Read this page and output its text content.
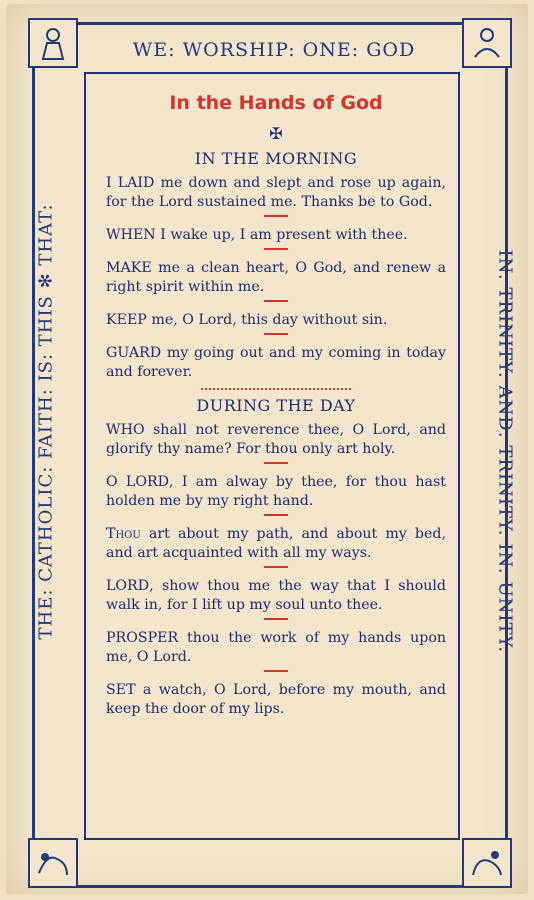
WE: WORSHIP: ONE: GOD
THE: CATHOLIC: FAITH: IS: THIS ✻ THAT:	IN: TRINITY: AND: TRINITY: IN: UNITY:
In the Hands of God
✠
IN THE MORNING

I LAID me down and slept and rose up again, for the Lord sustained me. Thanks be to God.

WHEN I wake up, I am present with thee.

MAKE me a clean heart, O God, and renew a right spirit within me.

KEEP me, O Lord, this day without sin.

GUARD my going out and my coming in today and forever.

DURING THE DAY

WHO shall not reverence thee, O Lord, and glorify thy name? For thou only art holy.

O LORD, I am alway by thee, for thou hast holden me by my right hand.

Thou art about my path, and about my bed, and art acquainted with all my ways.

LORD, show thou me the way that I should walk in, for I lift up my soul unto thee.

PROSPER thou the work of my hands upon me, O Lord.

SET a watch, O Lord, before my mouth, and keep the door of my lips.
